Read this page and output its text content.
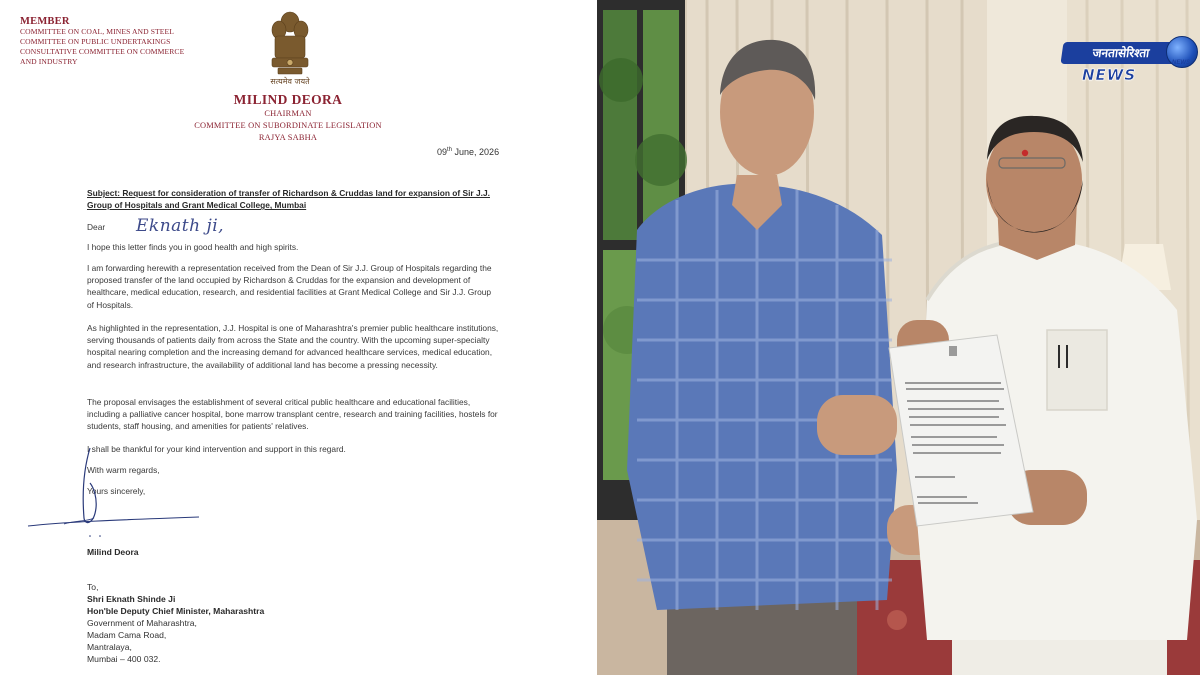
MEMBER
COMMITTEE ON COAL, MINES AND STEEL
COMMITTEE ON PUBLIC UNDERTAKINGS
CONSULTATIVE COMMITTEE ON COMMERCE
AND INDUSTRY
सत्यमेव जयते
MILIND DEORA
CHAIRMAN
COMMITTEE ON SUBORDINATE LEGISLATION
RAJYA SABHA
09th June, 2026
Subject: Request for consideration of transfer of Richardson & Cruddas land for expansion of Sir J.J. Group of Hospitals and Grant Medical College, Mumbai
Dear	Eknath ji,
I hope this letter finds you in good health and high spirits.
I am forwarding herewith a representation received from the Dean of Sir J.J. Group of Hospitals regarding the proposed transfer of the land occupied by Richardson & Cruddas for the expansion and development of healthcare, medical education, research, and residential facilities at Grant Medical College and Sir J.J. Group of Hospitals.
As highlighted in the representation, J.J. Hospital is one of Maharashtra's premier public healthcare institutions, serving thousands of patients daily from across the State and the country. With the upcoming super-specialty hospital nearing completion and the increasing demand for advanced healthcare services, medical education, and research infrastructure, the availability of additional land has become a pressing necessity.
The proposal envisages the establishment of several critical public healthcare and educational facilities, including a palliative cancer hospital, bone marrow transplant centre, research and training facilities, hostels for students, staff housing, and amenities for patients' relatives.
I shall be thankful for your kind intervention and support in this regard.
With warm regards,
Yours sincerely,
Milind Deora
To,
Shri Eknath Shinde Ji
Hon'ble Deputy Chief Minister, Maharashtra
Government of Maharashtra,
Madam Cama Road,
Mantralaya,
Mumbai – 400 032.
जनतासेरिश्ता
NEWS
NEWS
